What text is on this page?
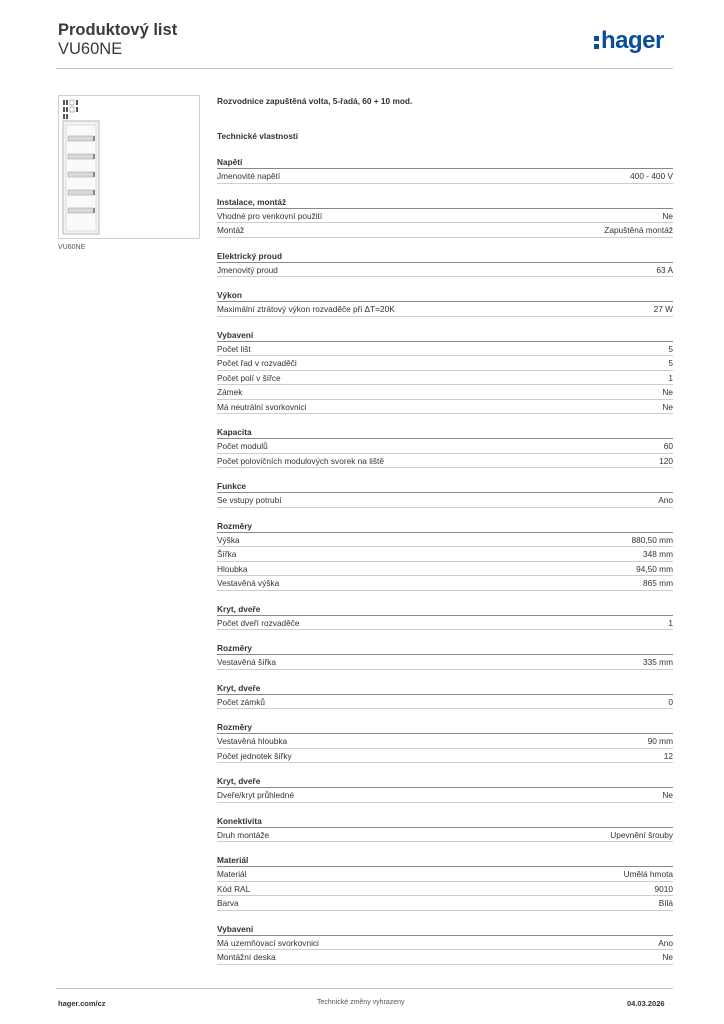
Produktový list
VU60NE	hager
VU60NE
Rozvodnice zapuštěná volta, 5-řadá, 60 + 10 mod.
Technické vlastnosti
Napětí
Jmenovité napětí	400 - 400 V
Instalace, montáž
Vhodné pro venkovní použití	Ne
Montáž	Zapuštěná montáž
Elektrický proud
Jmenovitý proud	63 A
Výkon
Maximální ztrátový výkon rozvaděče při ΔT=20K	27 W
Vybavení
Počet lišt	5
Počet řad v rozvaděči	5
Počet polí v šířce	1
Zámek	Ne
Má neutrální svorkovnici	Ne
Kapacita
Počet modulů	60
Počet polovičních modulových svorek na liště	120
Funkce
Se vstupy potrubí	Ano
Rozměry
Výška	880,50 mm
Šířka	348 mm
Hloubka	94,50 mm
Vestavěná výška	865 mm
Kryt, dveře
Počet dveří rozvaděče	1
Rozměry
Vestavěná šířka	335 mm
Kryt, dveře
Počet zámků	0
Rozměry
Vestavěná hloubka	90 mm
Počet jednotek šířky	12
Kryt, dveře
Dveře/kryt průhledné	Ne
Konektivita
Druh montáže	Upevnění šrouby
Materiál
Materiál	Umělá hmota
Kód RAL	9010
Barva	Bílá
Vybavení
Má uzemňovací svorkovnici	Ano
Montážní deska	Ne
hager.com/cz	Technické změny vyhrazeny	04.03.2026
